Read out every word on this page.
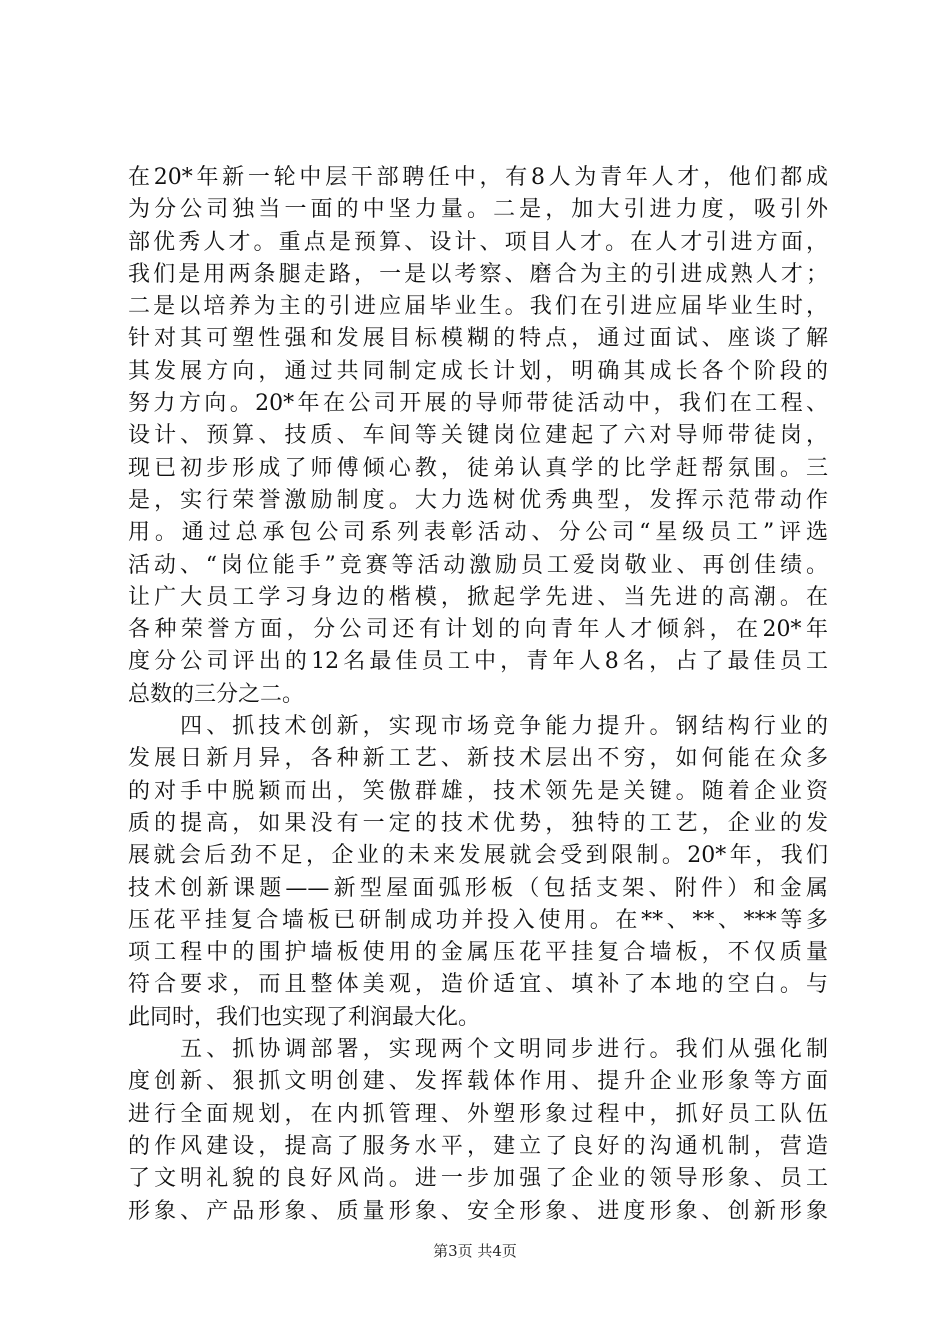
在20*年新一轮中层干部聘任中，有8人为青年人才，他们都成
为分公司独当一面的中坚力量。二是，加大引进力度，吸引外
部优秀人才。重点是预算、设计、项目人才。在人才引进方面，
我们是用两条腿走路，一是以考察、磨合为主的引进成熟人才；
二是以培养为主的引进应届毕业生。我们在引进应届毕业生时，
针对其可塑性强和发展目标模糊的特点，通过面试、座谈了解
其发展方向，通过共同制定成长计划，明确其成长各个阶段的
努力方向。20*年在公司开展的导师带徒活动中，我们在工程、
设计、预算、技质、车间等关键岗位建起了六对导师带徒岗，
现已初步形成了师傅倾心教，徒弟认真学的比学赶帮氛围。三
是，实行荣誉激励制度。大力选树优秀典型，发挥示范带动作
用。通过总承包公司系列表彰活动、分公司“星级员工”评选
活动、“岗位能手”竞赛等活动激励员工爱岗敬业、再创佳绩。
让广大员工学习身边的楷模，掀起学先进、当先进的高潮。在
各种荣誉方面，分公司还有计划的向青年人才倾斜，在20*年
度分公司评出的12名最佳员工中，青年人8名，占了最佳员工
总数的三分之二。
　　四、抓技术创新，实现市场竞争能力提升。钢结构行业的
发展日新月异，各种新工艺、新技术层出不穷，如何能在众多
的对手中脱颖而出，笑傲群雄，技术领先是关键。随着企业资
质的提高，如果没有一定的技术优势，独特的工艺，企业的发
展就会后劲不足，企业的未来发展就会受到限制。20*年，我们
技术创新课题——新型屋面弧形板（包括支架、附件）和金属
压花平挂复合墙板已研制成功并投入使用。在**、**、***等多
项工程中的围护墙板使用的金属压花平挂复合墙板，不仅质量
符合要求，而且整体美观，造价适宜、填补了本地的空白。与
此同时，我们也实现了利润最大化。
　　五、抓协调部署，实现两个文明同步进行。我们从强化制
度创新、狠抓文明创建、发挥载体作用、提升企业形象等方面
进行全面规划，在内抓管理、外塑形象过程中，抓好员工队伍
的作风建设，提高了服务水平，建立了良好的沟通机制，营造
了文明礼貌的良好风尚。进一步加强了企业的领导形象、员工
形象、产品形象、质量形象、安全形象、进度形象、创新形象
第3页 共4页
